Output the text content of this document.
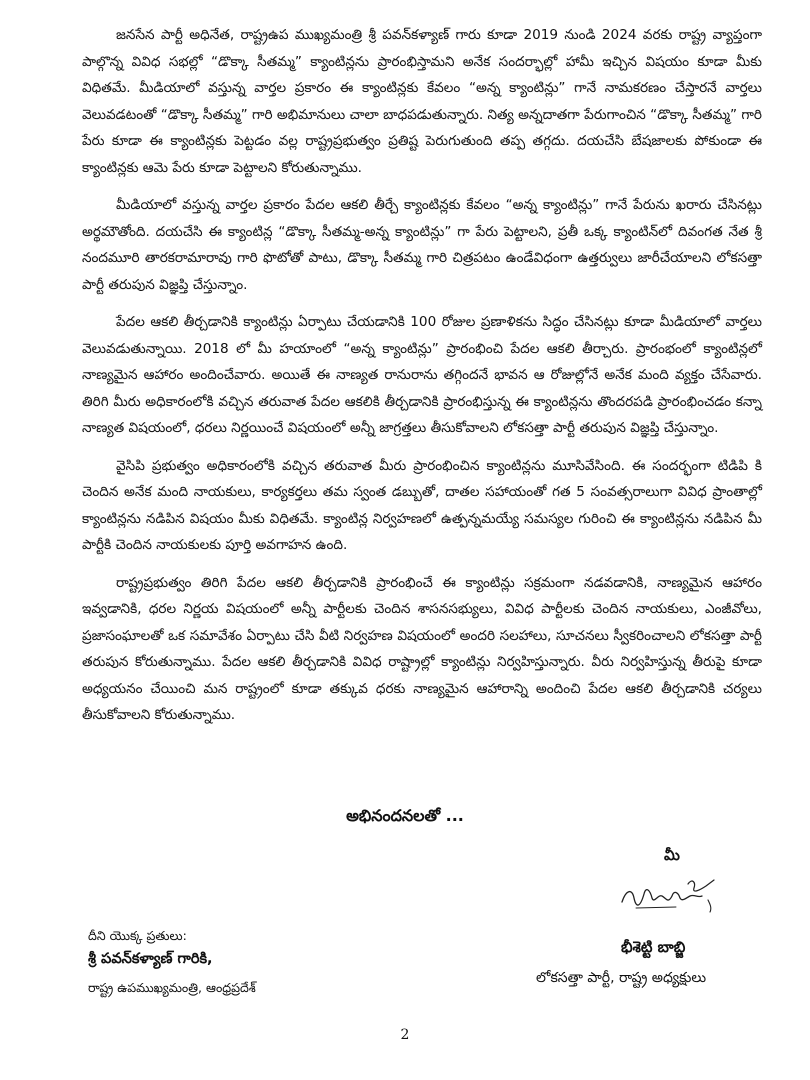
జనసేన పార్టీ అధినేత, రాష్ట్రఉప ముఖ్యమంత్రి శ్రీ పవన్‌కళ్యాణ్ గారు కూడా 2019 నుండి 2024 వరకు రాష్ట్ర వ్యాప్తంగా పాల్గొన్న వివిధ సభల్లో “డొక్కా సీతమ్మ” క్యాంటిన్లను ప్రారంభిస్తామని అనేక సందర్భాల్లో హామీ ఇచ్చిన విషయం కూడా మీకు విధితమే. మీడియాలో వస్తున్న వార్తల ప్రకారం ఈ క్యాంటిన్లకు కేవలం “అన్న క్యాంటిన్లు” గానే నామకరణం చేస్తారనే వార్తలు వెలువడటంతో “డొక్కా సీతమ్మ” గారి అభిమానులు చాలా బాధపడుతున్నారు. నిత్య అన్నదాతగా పేరుగాంచిన “డొక్కా సీతమ్మ” గారి పేరు కూడా ఈ క్యాంటిన్లకు పెట్టడం వల్ల రాష్ట్రప్రభుత్వం ప్రతిష్ట పెరుగుతుంది తప్ప తగ్గదు. దయచేసి బేషజాలకు పోకుండా ఈ క్యాంటిన్లకు ఆమె పేరు కూడా పెట్టాలని కోరుతున్నాము.

మీడియాలో వస్తున్న వార్తల ప్రకారం పేదల ఆకలి తీర్చే క్యాంటిన్లకు కేవలం “అన్న క్యాంటిన్లు” గానే పేరును ఖరారు చేసినట్లు అర్థమౌతోంది. దయచేసి ఈ క్యాంటిన్ల “డొక్కా సీతమ్మ-అన్న క్యాంటిన్లు” గా పేరు పెట్టాలని, ప్రతీ ఒక్క క్యాంటిన్‌లో దివంగత నేత శ్రీ నందమూరి తారకరామారావు గారి ఫొటోతో పాటు, డొక్కా సీతమ్మ గారి చిత్రపటం ఉండేవిధంగా ఉత్తర్వులు జారీచేయాలని లోకసత్తా పార్టీ తరుపున విజ్ఞప్తి చేస్తున్నాం.

పేదల ఆకలి తీర్చడానికి క్యాంటిన్లు ఏర్పాటు చేయడానికి 100 రోజుల ప్రణాళికను సిద్ధం చేసినట్లు కూడా మీడియాలో వార్తలు వెలువడుతున్నాయి. 2018 లో మీ హయాంలో “అన్న క్యాంటిన్లు” ప్రారంభించి పేదల ఆకలి తీర్చారు. ప్రారంభంలో క్యాంటిన్లలో నాణ్యమైన ఆహారం అందించేవారు. అయితే ఈ నాణ్యత రానురాను తగ్గిందనే భావన ఆ రోజుల్లోనే అనేక మంది వ్యక్తం చేసేవారు. తిరిగి మీరు అధికారంలోకి వచ్చిన తరువాత పేదల ఆకలికి తీర్చడానికి ప్రారంభిస్తున్న ఈ క్యాంటిన్లను తొందరపడి ప్రారంభించడం కన్నా నాణ్యత విషయంలో, ధరలు నిర్ణయించే విషయంలో అన్నీ జాగ్రత్తలు తీసుకోవాలని లోకసత్తా పార్టీ తరుపున విజ్ఞప్తి చేస్తున్నాం.

వైసిపి ప్రభుత్వం అధికారంలోకి వచ్చిన తరువాత మీరు ప్రారంభించిన క్యాంటిన్లను మూసివేసింది. ఈ సందర్భంగా టిడిపి కి చెందిన అనేక మంది నాయకులు, కార్యకర్తలు తమ స్వంత డబ్బుతో, దాతల సహాయంతో గత 5 సంవత్సరాలుగా వివిధ ప్రాంతాల్లో క్యాంటిన్లను నడిపిన విషయం మీకు విధితమే. క్యాంటిన్ల నిర్వహణలో ఉత్పన్నమయ్యే సమస్యల గురించి ఈ క్యాంటిన్లను నడిపిన మీ పార్టీకి చెందిన నాయకులకు పూర్తి అవగాహన ఉంది.

రాష్ట్రప్రభుత్వం తిరిగి పేదల ఆకలి తీర్చడానికి ప్రారంభించే ఈ క్యాంటిన్లు సక్రమంగా నడవడానికి, నాణ్యమైన ఆహారం ఇవ్వడానికి, ధరల నిర్ణయ విషయంలో అన్నీ పార్టీలకు చెందిన శాసనసభ్యులు, వివిధ పార్టీలకు చెందిన నాయకులు, ఎంజీవోలు, ప్రజాసంఘాలతో ఒక సమావేశం ఏర్పాటు చేసి వీటి నిర్వహణ విషయంలో అందరి సలహాలు, సూచనలు స్వీకరించాలని లోకసత్తా పార్టీ తరుపున కోరుతున్నాము. పేదల ఆకలి తీర్చడానికి వివిధ రాష్ట్రాల్లో క్యాంటిన్లు నిర్వహిస్తున్నారు. వీరు నిర్వహిస్తున్న తీరుపై కూడా అధ్యయనం చేయించి మన రాష్ట్రంలో కూడా తక్కువ ధరకు నాణ్యమైన ఆహారాన్ని అందించి పేదల ఆకలి తీర్చడానికి చర్యలు తీసుకోవాలని కోరుతున్నాము.

అభినందనలతో ...
మీ
దీని యొక్క ప్రతులు:
శ్రీ పవన్‌కళ్యాణ్ గారికి,
రాష్ట్ర ఉపముఖ్యమంత్రి, ఆంధ్రప్రదేశ్
భీశెట్టి బాబ్జి
లోకసత్తా పార్టీ, రాష్ట్ర అధ్యక్షులు
2
